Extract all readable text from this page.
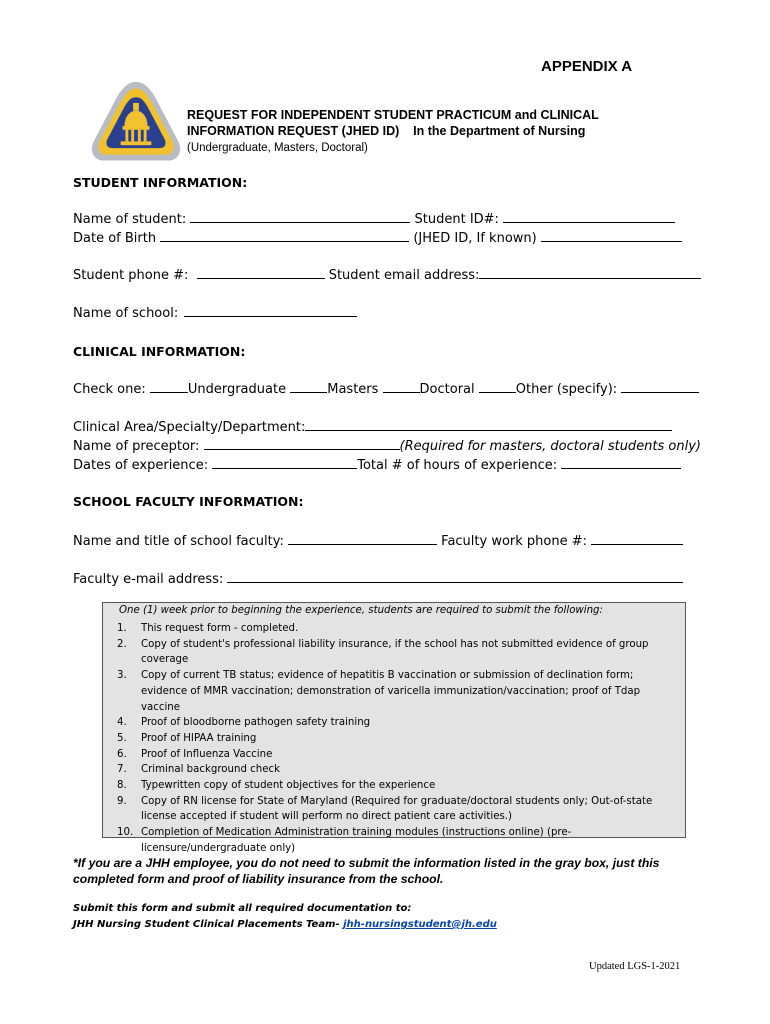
APPENDIX A
REQUEST FOR INDEPENDENT STUDENT PRACTICUM and CLINICAL
INFORMATION REQUEST (JHED ID)    In the Department of Nursing
(Undergraduate, Masters, Doctoral)
STUDENT INFORMATION:
Name of student:	Student ID#:
Date of Birth	(JHED ID, If known)
Student phone #:	Student email address:
Name of school:
CLINICAL INFORMATION:
Check one:	Undergraduate	Masters	Doctoral	Other (specify):
Clinical Area/Specialty/Department:
Name of preceptor:	(Required for masters, doctoral students only)
Dates of experience:	Total # of hours of experience:
SCHOOL FACULTY INFORMATION:
Name and title of school faculty:	Faculty work phone #:
Faculty e-mail address:
One (1) week prior to beginning the experience, students are required to submit the following:
1. This request form - completed.
2. Copy of student's professional liability insurance, if the school has not submitted evidence of group coverage
3. Copy of current TB status; evidence of hepatitis B vaccination or submission of declination form; evidence of MMR vaccination; demonstration of varicella immunization/vaccination; proof of Tdap vaccine
4. Proof of bloodborne pathogen safety training
5. Proof of HIPAA training
6. Proof of Influenza Vaccine
7. Criminal background check
8. Typewritten copy of student objectives for the experience
9. Copy of RN license for State of Maryland (Required for graduate/doctoral students only; Out-of-state license accepted if student will perform no direct patient care activities.)
10. Completion of Medication Administration training modules (instructions online) (pre-licensure/undergraduate only)
*If you are a JHH employee, you do not need to submit the information listed in the gray box, just this
completed form and proof of liability insurance from the school.
Submit this form and submit all required documentation to:
JHH Nursing Student Clinical Placements Team- jhh-nursingstudent@jh.edu
Updated LGS-1-2021
